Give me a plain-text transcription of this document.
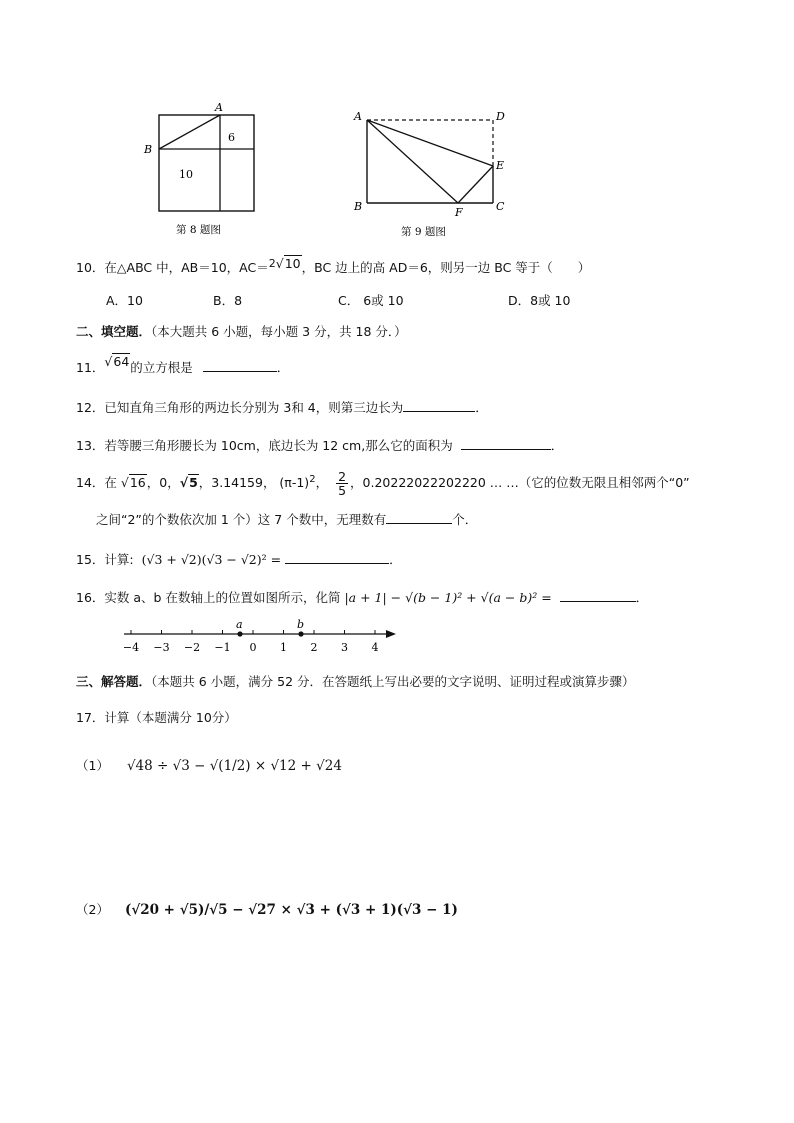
A
B
6
10
第 8 题图
A	D
E
B	C
F
第 9 题图
10．在△ABC 中，AB＝10，AC＝$^2$√10，BC 边上的高 AD＝6，则另一边 BC 等于（　　）
A．10	B．8	C． 6或 10	D．8或 10
二、填空题．（本大题共 6 小题，每小题 3 分，共 18 分．）
11．√64的立方根是	．
12．已知直角三角形的两边长分别为 3和 4，则第三边长为	．
13．若等腰三角形腰长为 10cm，底边长为 12 cm,那么它的面积为	．
14．在 √16，0，√5，3.14159， $(\pi-1)^2$， $\frac{2}{5}$ ，0.20222022202220 … …（它的位数无限且相邻两个“0”
之间“2”的个数依次加 1 个）这 7 个数中，无理数有	个．
15．计算: (√3 + √2)(√3 − √2)² =	．
16．实数 a、b 在数轴上的位置如图所示，化简 |a + 1| − √(b − 1)² + √(a − b)² =	．
−4 −3 −2 −1 0 1 2 3 4
a	b
三、解答题．（本题共 6 小题，满分 52 分．在答题纸上写出必要的文字说明、证明过程或演算步骤）
17．计算（本题满分 10分）
（1） √48 ÷ √3 − √(1/2) × √12 + √24
（2） (√20 + √5)/√5 − √27 × √3 + (√3 + 1)(√3 − 1)
